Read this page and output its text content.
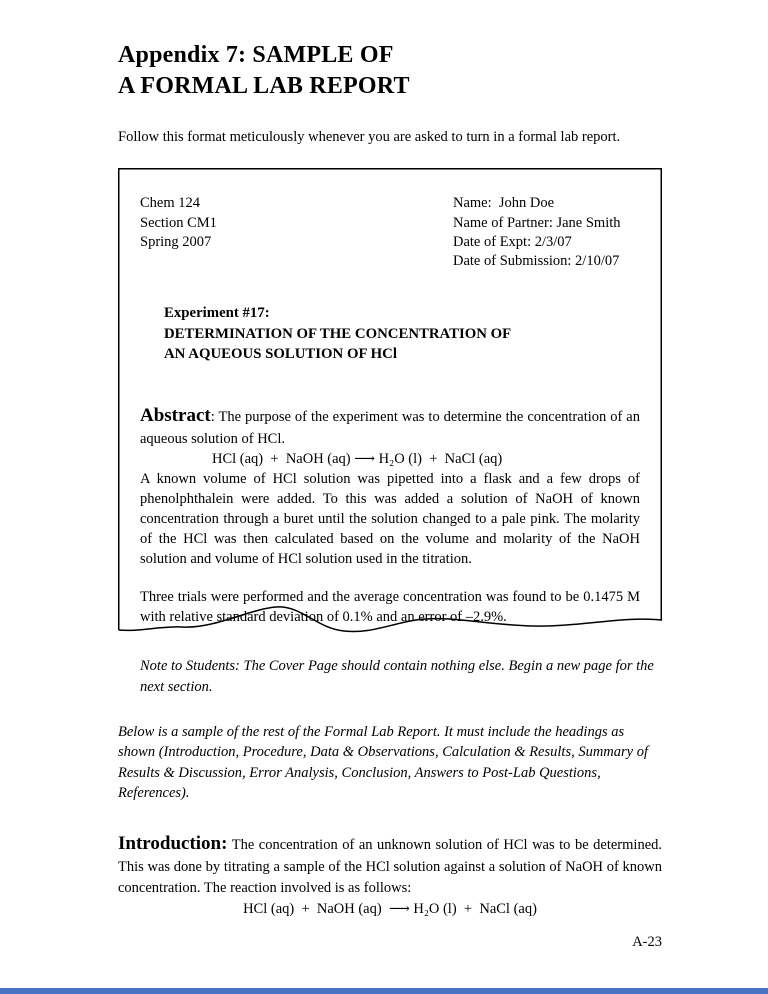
Appendix 7: SAMPLE OF
A FORMAL LAB REPORT

Follow this format meticulously whenever you are asked to turn in a formal lab report.

Chem 124
Section CM1
Spring 2007
Name:  John Doe
Name of Partner: Jane Smith
Date of Expt: 2/3/07
Date of Submission: 2/10/07
Experiment #17:
DETERMINATION OF THE CONCENTRATION OF
AN AQUEOUS SOLUTION OF HCl

Abstract: The purpose of the experiment was to determine the concentration of an aqueous solution of HCl.

HCl (aq)  +  NaOH (aq) ⟶ H₂O (l)  +  NaCl (aq)

A known volume of HCl solution was pipetted into a flask and a few drops of phenolphthalein were added. To this was added a solution of NaOH of known concentration through a buret until the solution changed to a pale pink. The molarity of the HCl was then calculated based on the volume and molarity of the NaOH solution and volume of HCl solution used in the titration.

Three trials were performed and the average concentration was found to be 0.1475 M with relative standard deviation of 0.1% and an error of –2.9%.

Note to Students: The Cover Page should contain nothing else. Begin a new page for the next section.

Below is a sample of the rest of the Formal Lab Report. It must include the headings as shown (Introduction, Procedure, Data & Observations, Calculation & Results, Summary of Results & Discussion, Error Analysis, Conclusion, Answers to Post-Lab Questions, References).

Introduction: The concentration of an unknown solution of HCl was to be determined. This was done by titrating a sample of the HCl solution against a solution of NaOH of known concentration. The reaction involved is as follows:

HCl (aq)  +  NaOH (aq)  ⟶ H₂O (l)  +  NaCl (aq)
A-23
